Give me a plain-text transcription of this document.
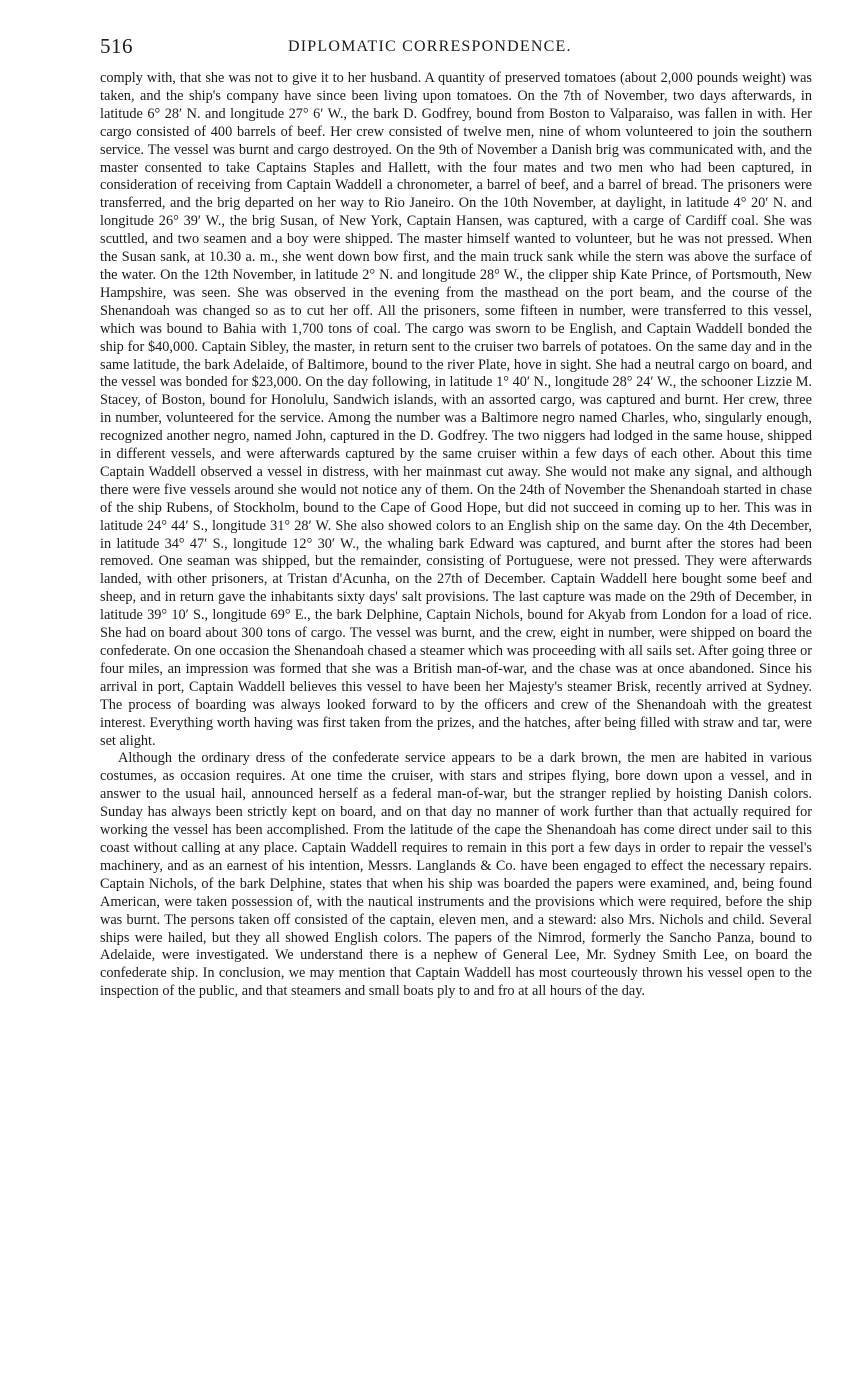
516	DIPLOMATIC CORRESPONDENCE.

comply with, that she was not to give it to her husband. A quantity of preserved tomatoes (about 2,000 pounds weight) was taken, and the ship's company have since been living upon tomatoes. On the 7th of November, two days afterwards, in latitude 6° 28′ N. and longitude 27° 6′ W., the bark D. Godfrey, bound from Boston to Valparaiso, was fallen in with. Her cargo consisted of 400 barrels of beef. Her crew consisted of twelve men, nine of whom volunteered to join the southern service. The vessel was burnt and cargo destroyed. On the 9th of November a Danish brig was communicated with, and the master consented to take Captains Staples and Hallett, with the four mates and two men who had been captured, in consideration of receiving from Captain Waddell a chronometer, a barrel of beef, and a barrel of bread. The prisoners were transferred, and the brig departed on her way to Rio Janeiro. On the 10th November, at daylight, in latitude 4° 20′ N. and longitude 26° 39′ W., the brig Susan, of New York, Captain Hansen, was captured, with a carge of Cardiff coal. She was scuttled, and two seamen and a boy were shipped. The master himself wanted to volunteer, but he was not pressed. When the Susan sank, at 10.30 a. m., she went down bow first, and the main truck sank while the stern was above the surface of the water. On the 12th November, in latitude 2° N. and longitude 28° W., the clipper ship Kate Prince, of Portsmouth, New Hampshire, was seen. She was observed in the evening from the masthead on the port beam, and the course of the Shenandoah was changed so as to cut her off. All the prisoners, some fifteen in number, were transferred to this vessel, which was bound to Bahia with 1,700 tons of coal. The cargo was sworn to be English, and Captain Waddell bonded the ship for $40,000. Captain Sibley, the master, in return sent to the cruiser two barrels of potatoes. On the same day and in the same latitude, the bark Adelaide, of Baltimore, bound to the river Plate, hove in sight. She had a neutral cargo on board, and the vessel was bonded for $23,000. On the day following, in latitude 1° 40′ N., longitude 28° 24′ W., the schooner Lizzie M. Stacey, of Boston, bound for Honolulu, Sandwich islands, with an assorted cargo, was captured and burnt. Her crew, three in number, volunteered for the service. Among the number was a Baltimore negro named Charles, who, singularly enough, recognized another negro, named John, captured in the D. Godfrey. The two niggers had lodged in the same house, shipped in different vessels, and were afterwards captured by the same cruiser within a few days of each other. About this time Captain Waddell observed a vessel in distress, with her mainmast cut away. She would not make any signal, and although there were five vessels around she would not notice any of them. On the 24th of November the Shenandoah started in chase of the ship Rubens, of Stockholm, bound to the Cape of Good Hope, but did not succeed in coming up to her. This was in latitude 24° 44′ S., longitude 31° 28′ W. She also showed colors to an English ship on the same day. On the 4th December, in latitude 34° 47′ S., longitude 12° 30′ W., the whaling bark Edward was captured, and burnt after the stores had been removed. One seaman was shipped, but the remainder, consisting of Portuguese, were not pressed. They were afterwards landed, with other prisoners, at Tristan d'Acunha, on the 27th of December. Captain Waddell here bought some beef and sheep, and in return gave the inhabitants sixty days' salt provisions. The last capture was made on the 29th of December, in latitude 39° 10′ S., longitude 69° E., the bark Delphine, Captain Nichols, bound for Akyab from London for a load of rice. She had on board about 300 tons of cargo. The vessel was burnt, and the crew, eight in number, were shipped on board the confederate. On one occasion the Shenandoah chased a steamer which was proceeding with all sails set. After going three or four miles, an impression was formed that she was a British man-of-war, and the chase was at once abandoned. Since his arrival in port, Captain Waddell believes this vessel to have been her Majesty's steamer Brisk, recently arrived at Sydney. The process of boarding was always looked forward to by the officers and crew of the Shenandoah with the greatest interest. Everything worth having was first taken from the prizes, and the hatches, after being filled with straw and tar, were set alight.

Although the ordinary dress of the confederate service appears to be a dark brown, the men are habited in various costumes, as occasion requires. At one time the cruiser, with stars and stripes flying, bore down upon a vessel, and in answer to the usual hail, announced herself as a federal man-of-war, but the stranger replied by hoisting Danish colors. Sunday has always been strictly kept on board, and on that day no manner of work further than that actually required for working the vessel has been accomplished. From the latitude of the cape the Shenandoah has come direct under sail to this coast without calling at any place. Captain Waddell requires to remain in this port a few days in order to repair the vessel's machinery, and as an earnest of his intention, Messrs. Langlands & Co. have been engaged to effect the necessary repairs. Captain Nichols, of the bark Delphine, states that when his ship was boarded the papers were examined, and, being found American, were taken possession of, with the nautical instruments and the provisions which were required, before the ship was burnt. The persons taken off consisted of the captain, eleven men, and a steward: also Mrs. Nichols and child. Several ships were hailed, but they all showed English colors. The papers of the Nimrod, formerly the Sancho Panza, bound to Adelaide, were investigated. We understand there is a nephew of General Lee, Mr. Sydney Smith Lee, on board the confederate ship. In conclusion, we may mention that Captain Waddell has most courteously thrown his vessel open to the inspection of the public, and that steamers and small boats ply to and fro at all hours of the day.
